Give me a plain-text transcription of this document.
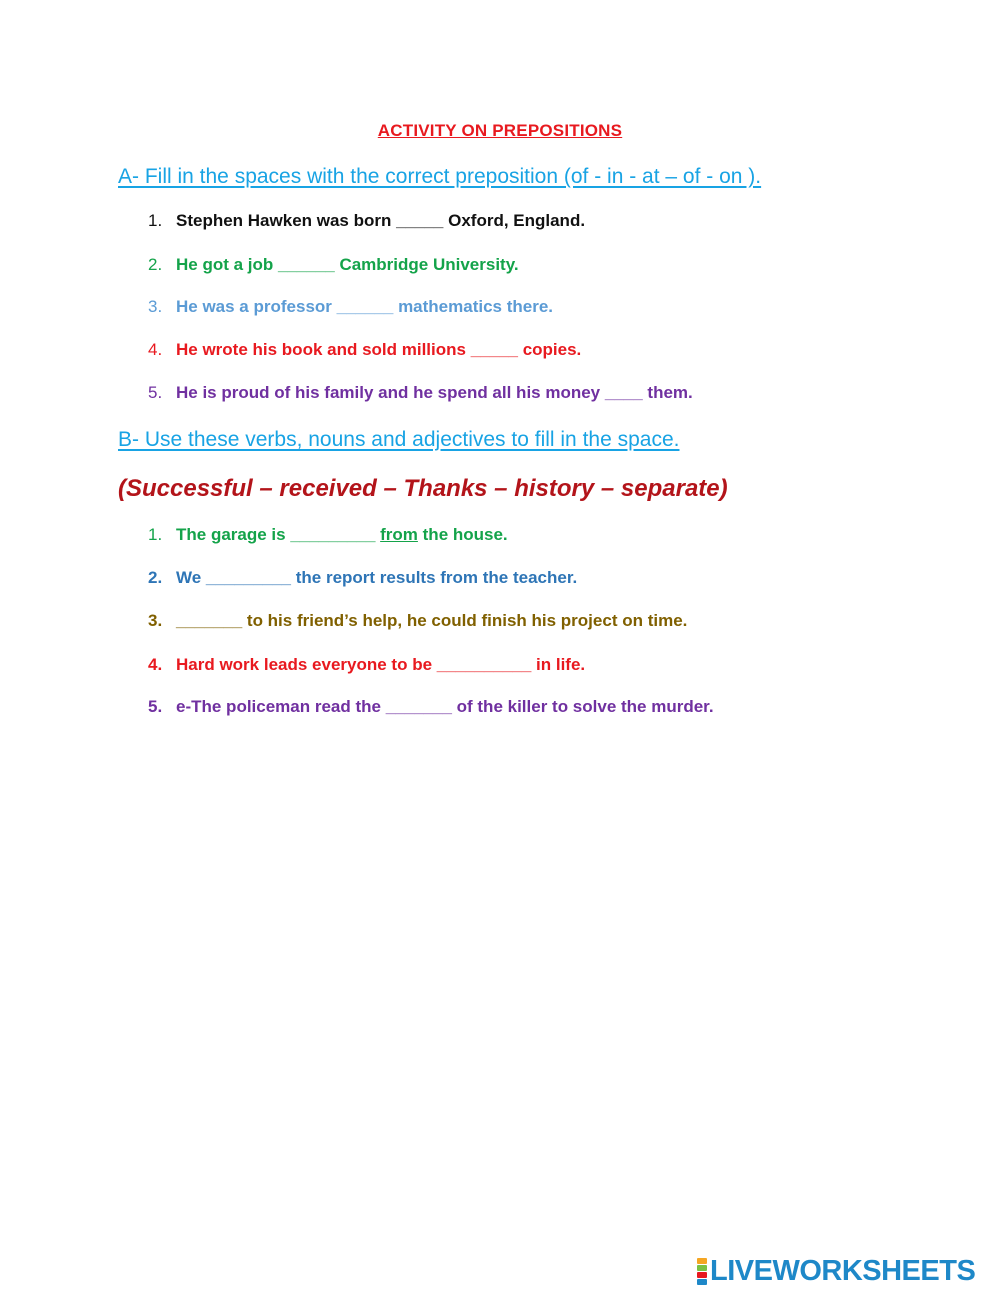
ACTIVITY ON PREPOSITIONS
A- Fill in the spaces with the correct preposition (of - in - at – of - on ).
1. Stephen Hawken was born _____ Oxford, England.
2. He got a job ______ Cambridge University.
3. He was a professor ______ mathematics there.
4. He wrote his book and sold millions _____ copies.
5. He is proud of his family and he spend all his money ____ them.
B- Use these verbs, nouns and adjectives to fill in the space.
(Successful – received – Thanks – history – separate)
1. The garage is _________ from the house.
2. We _________ the report results from the teacher.
3. _______ to his friend’s help, he could finish his project on time.
4. Hard work leads everyone to be __________ in life.
5. e-The policeman read the _______ of the killer to solve the murder.
LIVEWORKSHEETS
